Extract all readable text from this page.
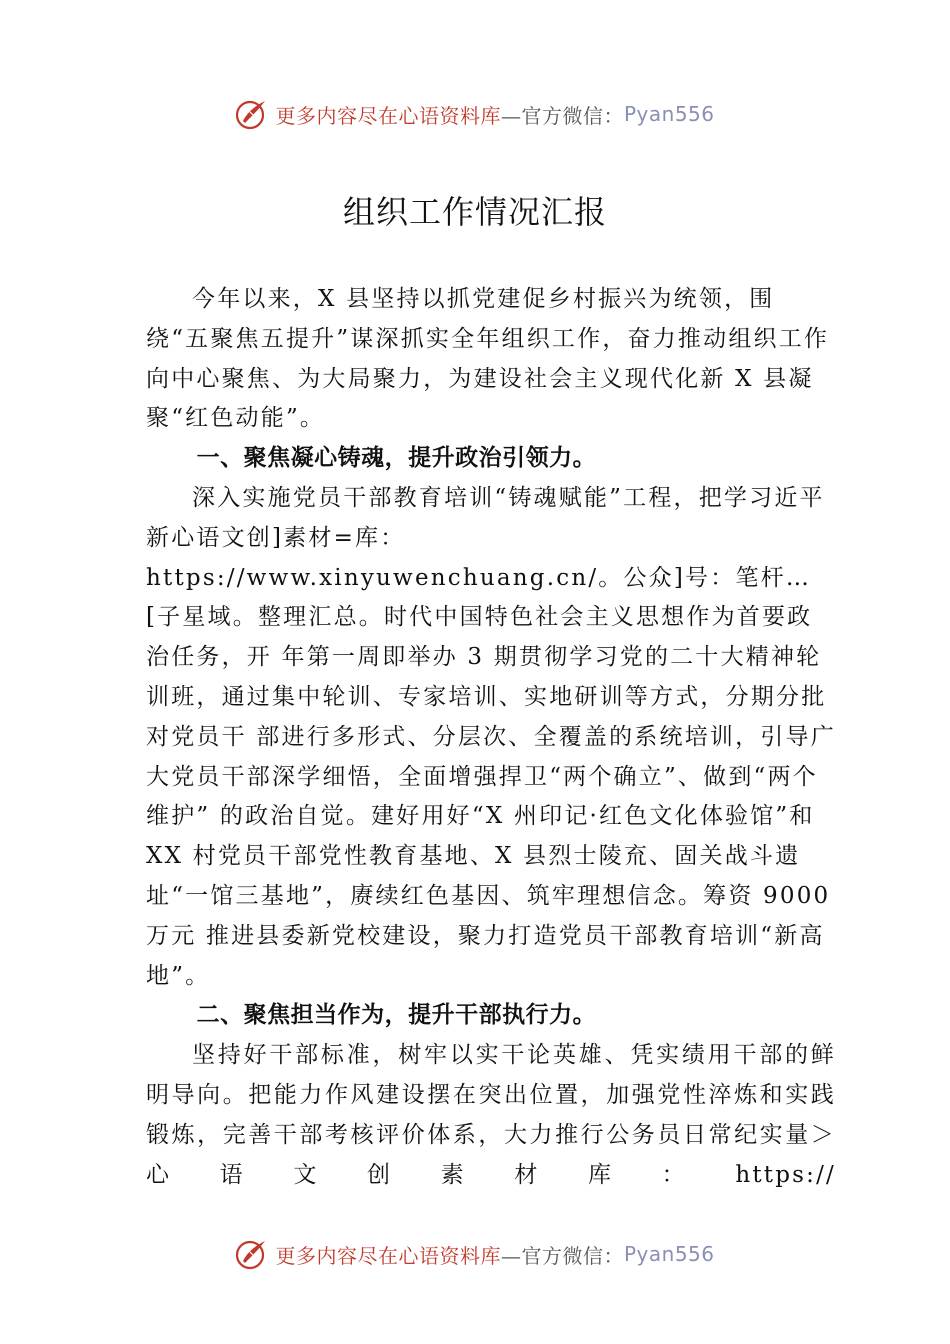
更多内容尽在心语资料库 —官方微信： Pyan556
组织工作情况汇报

今年以来，X 县坚持以抓党建促乡村振兴为统领，围绕“五聚焦五提升”谋深抓实全年组织工作，奋力推动组织工作向中心聚焦、为大局聚力，为建设社会主义现代化新 X 县凝聚“红色动能”。

一、聚焦凝心铸魂，提升政治引领力。

深入实施党员干部教育培训“铸魂赋能”工程，把学习近平新心语文创]素材=库：https://www.xinyuwenchuang.cn/。公众]号：笔杆…[子星域。整理汇总。时代中国特色社会主义思想作为首要政治任务，开 年第一周即举办 3 期贯彻学习党的二十大精神轮训班，通过集中轮训、专家培训、实地研训等方式，分期分批对党员干 部进行多形式、分层次、全覆盖的系统培训，引导广大党员干部深学细悟，全面增强捍卫“两个确立”、做到“两个维护” 的政治自觉。建好用好“X 州印记·红色文化体验馆”和 XX 村党员干部党性教育基地、X 县烈士陵㐬、固关战斗遗址“一馆三基地”，赓续红色基因、筑牢理想信念。筹资 9000 万元 推进县委新党校建设，聚力打造党员干部教育培训“新高地”。

二、聚焦担当作为，提升干部执行力。

坚持好干部标准，树牢以实干论英雄、凭实绩用干部的鲜明导向。把能力作风建设摆在突出位置，加强党性淬炼和实践锻炼，完善干部考核评价体系，大力推行公务员日常纪实量＞心语文创素材库：https://

更多内容尽在心语资料库 —官方微信： Pyan556
